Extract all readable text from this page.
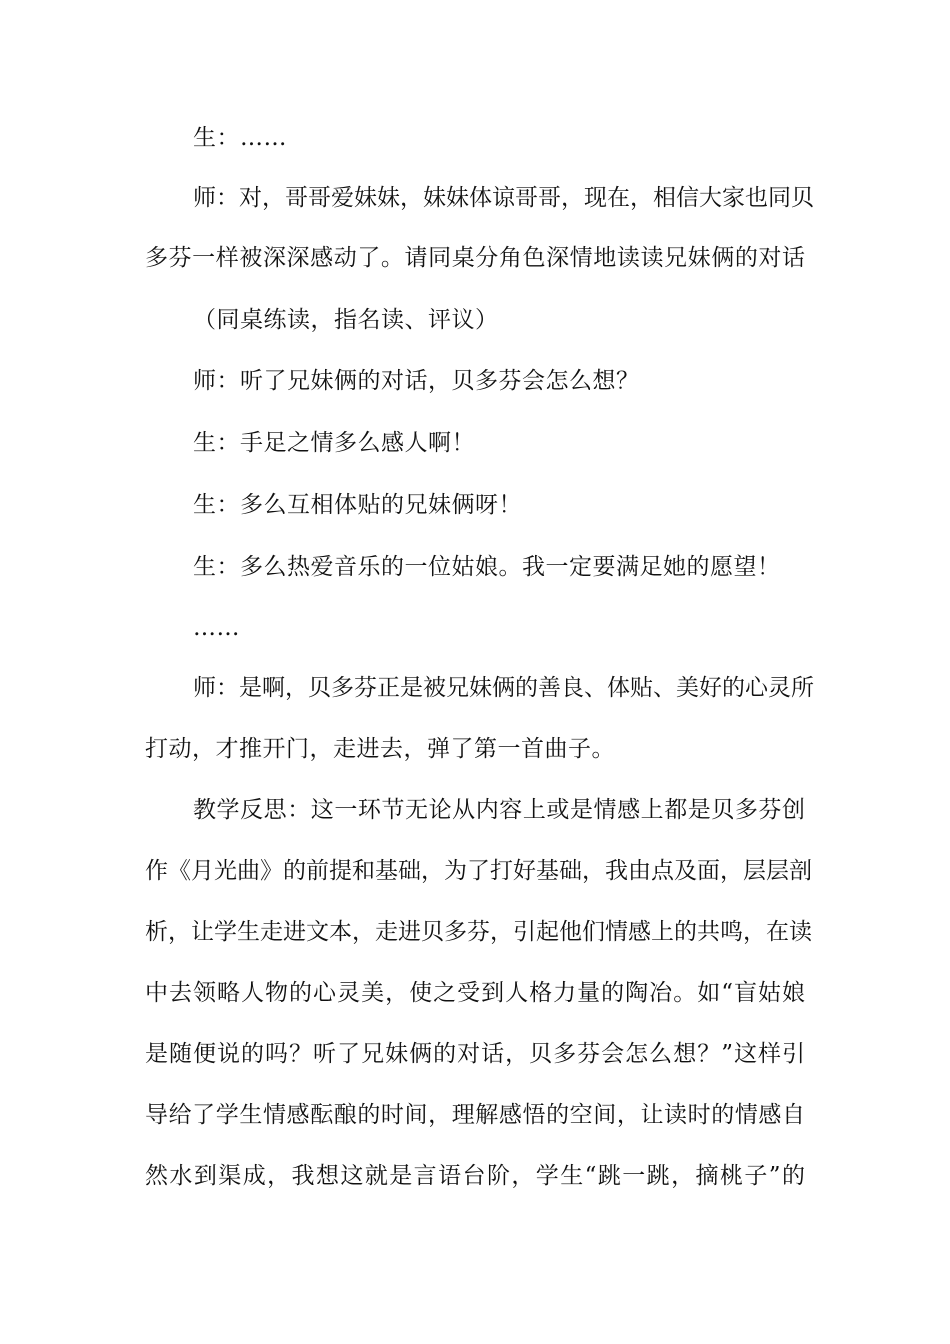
生：……
师：对，哥哥爱妹妹，妹妹体谅哥哥，现在，相信大家也同贝
多芬一样被深深感动了。请同桌分角色深情地读读兄妹俩的对话
（同桌练读，指名读、评议）
师：听了兄妹俩的对话，贝多芬会怎么想？
生：手足之情多么感人啊！
生：多么互相体贴的兄妹俩呀！
生：多么热爱音乐的一位姑娘。我一定要满足她的愿望！
……
师：是啊，贝多芬正是被兄妹俩的善良、体贴、美好的心灵所
打动，才推开门，走进去，弹了第一首曲子。
教学反思：这一环节无论从内容上或是情感上都是贝多芬创
作《月光曲》的前提和基础，为了打好基础，我由点及面，层层剖
析，让学生走进文本，走进贝多芬，引起他们情感上的共鸣，在读
中去领略人物的心灵美，使之受到人格力量的陶冶。如“盲姑娘
是随便说的吗？听了兄妹俩的对话，贝多芬会怎么想？”这样引
导给了学生情感酝酿的时间，理解感悟的空间，让读时的情感自
然水到渠成，我想这就是言语台阶，学生“跳一跳，摘桃子”的
